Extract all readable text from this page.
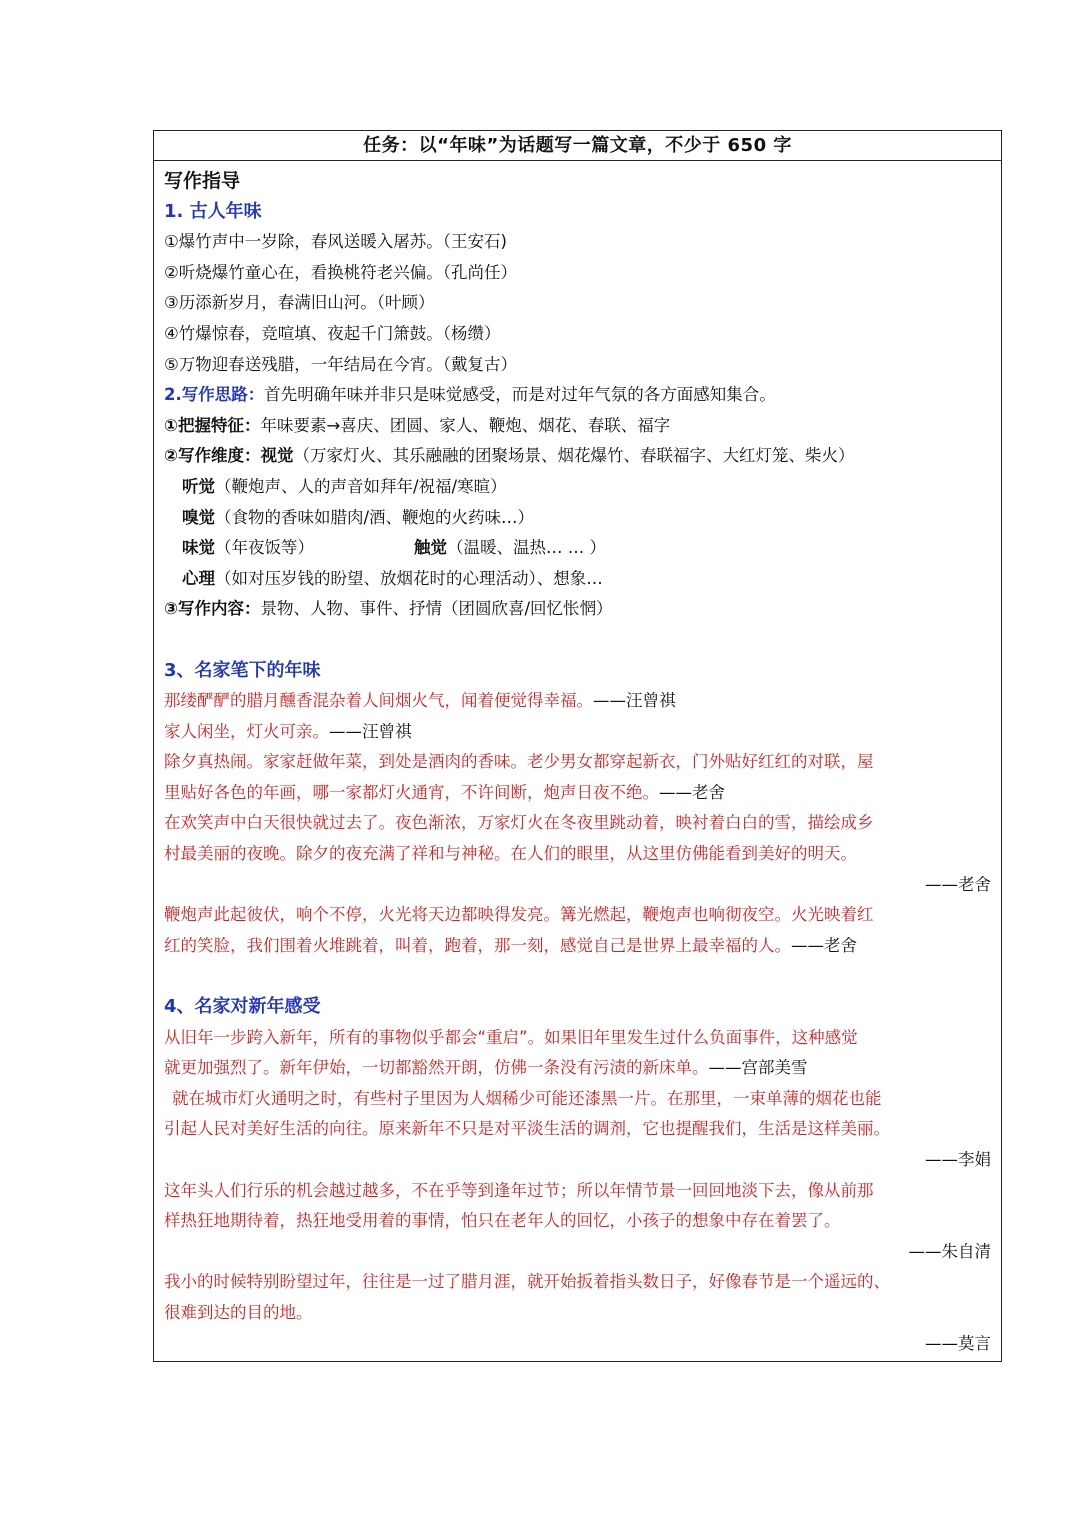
任务：以“年味”为话题写一篇文章，不少于 650 字
写作指导
1. 古人年味
①爆竹声中一岁除，春风送暖入屠苏。（王安石)
②听烧爆竹童心在，看换桃符老兴偏。（孔尚任）
③历添新岁月，春满旧山河。（叶顾）
④竹爆惊春，竞喧填、夜起千门箫鼓。（杨缵）
⑤万物迎春送残腊，一年结局在今宵。（戴复古）
2.写作思路：首先明确年味并非只是味觉感受，而是对过年气氛的各方面感知集合。
①把握特征：年味要素→喜庆、团圆、家人、鞭炮、烟花、春联、福字
②写作维度：视觉（万家灯火、其乐融融的团聚场景、烟花爆竹、春联福字、大红灯笼、柴火）
听觉（鞭炮声、人的声音如拜年/祝福/寒暄）
嗅觉（食物的香味如腊肉/酒、鞭炮的火药味…）
味觉（年夜饭等）	触觉（温暖、温热… … ）
心理（如对压岁钱的盼望、放烟花时的心理活动）、想象…
③写作内容：景物、人物、事件、抒情（团圆欣喜/回忆怅惘）
3、名家笔下的年味
那缕酽酽的腊月醺香混杂着人间烟火气，闻着便觉得幸福。——汪曾祺
家人闲坐，灯火可亲。——汪曾祺
除夕真热闹。家家赶做年菜，到处是酒肉的香味。老少男女都穿起新衣，门外贴好红红的对联，屋
里贴好各色的年画，哪一家都灯火通宵，不许间断，炮声日夜不绝。——老舍
在欢笑声中白天很快就过去了。夜色渐浓，万家灯火在冬夜里跳动着，映衬着白白的雪，描绘成乡
村最美丽的夜晚。除夕的夜充满了祥和与神秘。在人们的眼里，从这里仿佛能看到美好的明天。
——老舍
鞭炮声此起彼伏，响个不停，火光将天边都映得发亮。篝光燃起，鞭炮声也响彻夜空。火光映着红
红的笑脸，我们围着火堆跳着，叫着，跑着，那一刻，感觉自己是世界上最幸福的人。——老舍
4、名家对新年感受
从旧年一步跨入新年，所有的事物似乎都会“重启”。如果旧年里发生过什么负面事件，这种感觉
就更加强烈了。新年伊始，一切都豁然开朗，仿佛一条没有污渍的新床单。——宫部美雪
就在城市灯火通明之时，有些村子里因为人烟稀少可能还漆黑一片。在那里，一束单薄的烟花也能
引起人民对美好生活的向往。原来新年不只是对平淡生活的调剂，它也提醒我们，生活是这样美丽。
——李娟
这年头人们行乐的机会越过越多，不在乎等到逢年过节；所以年情节景一回回地淡下去，像从前那
样热狂地期待着，热狂地受用着的事情，怕只在老年人的回忆，小孩子的想象中存在着罢了。
——朱自清
我小的时候特别盼望过年，往往是一过了腊月涯，就开始扳着指头数日子，好像春节是一个遥远的、
很难到达的目的地。
——莫言
